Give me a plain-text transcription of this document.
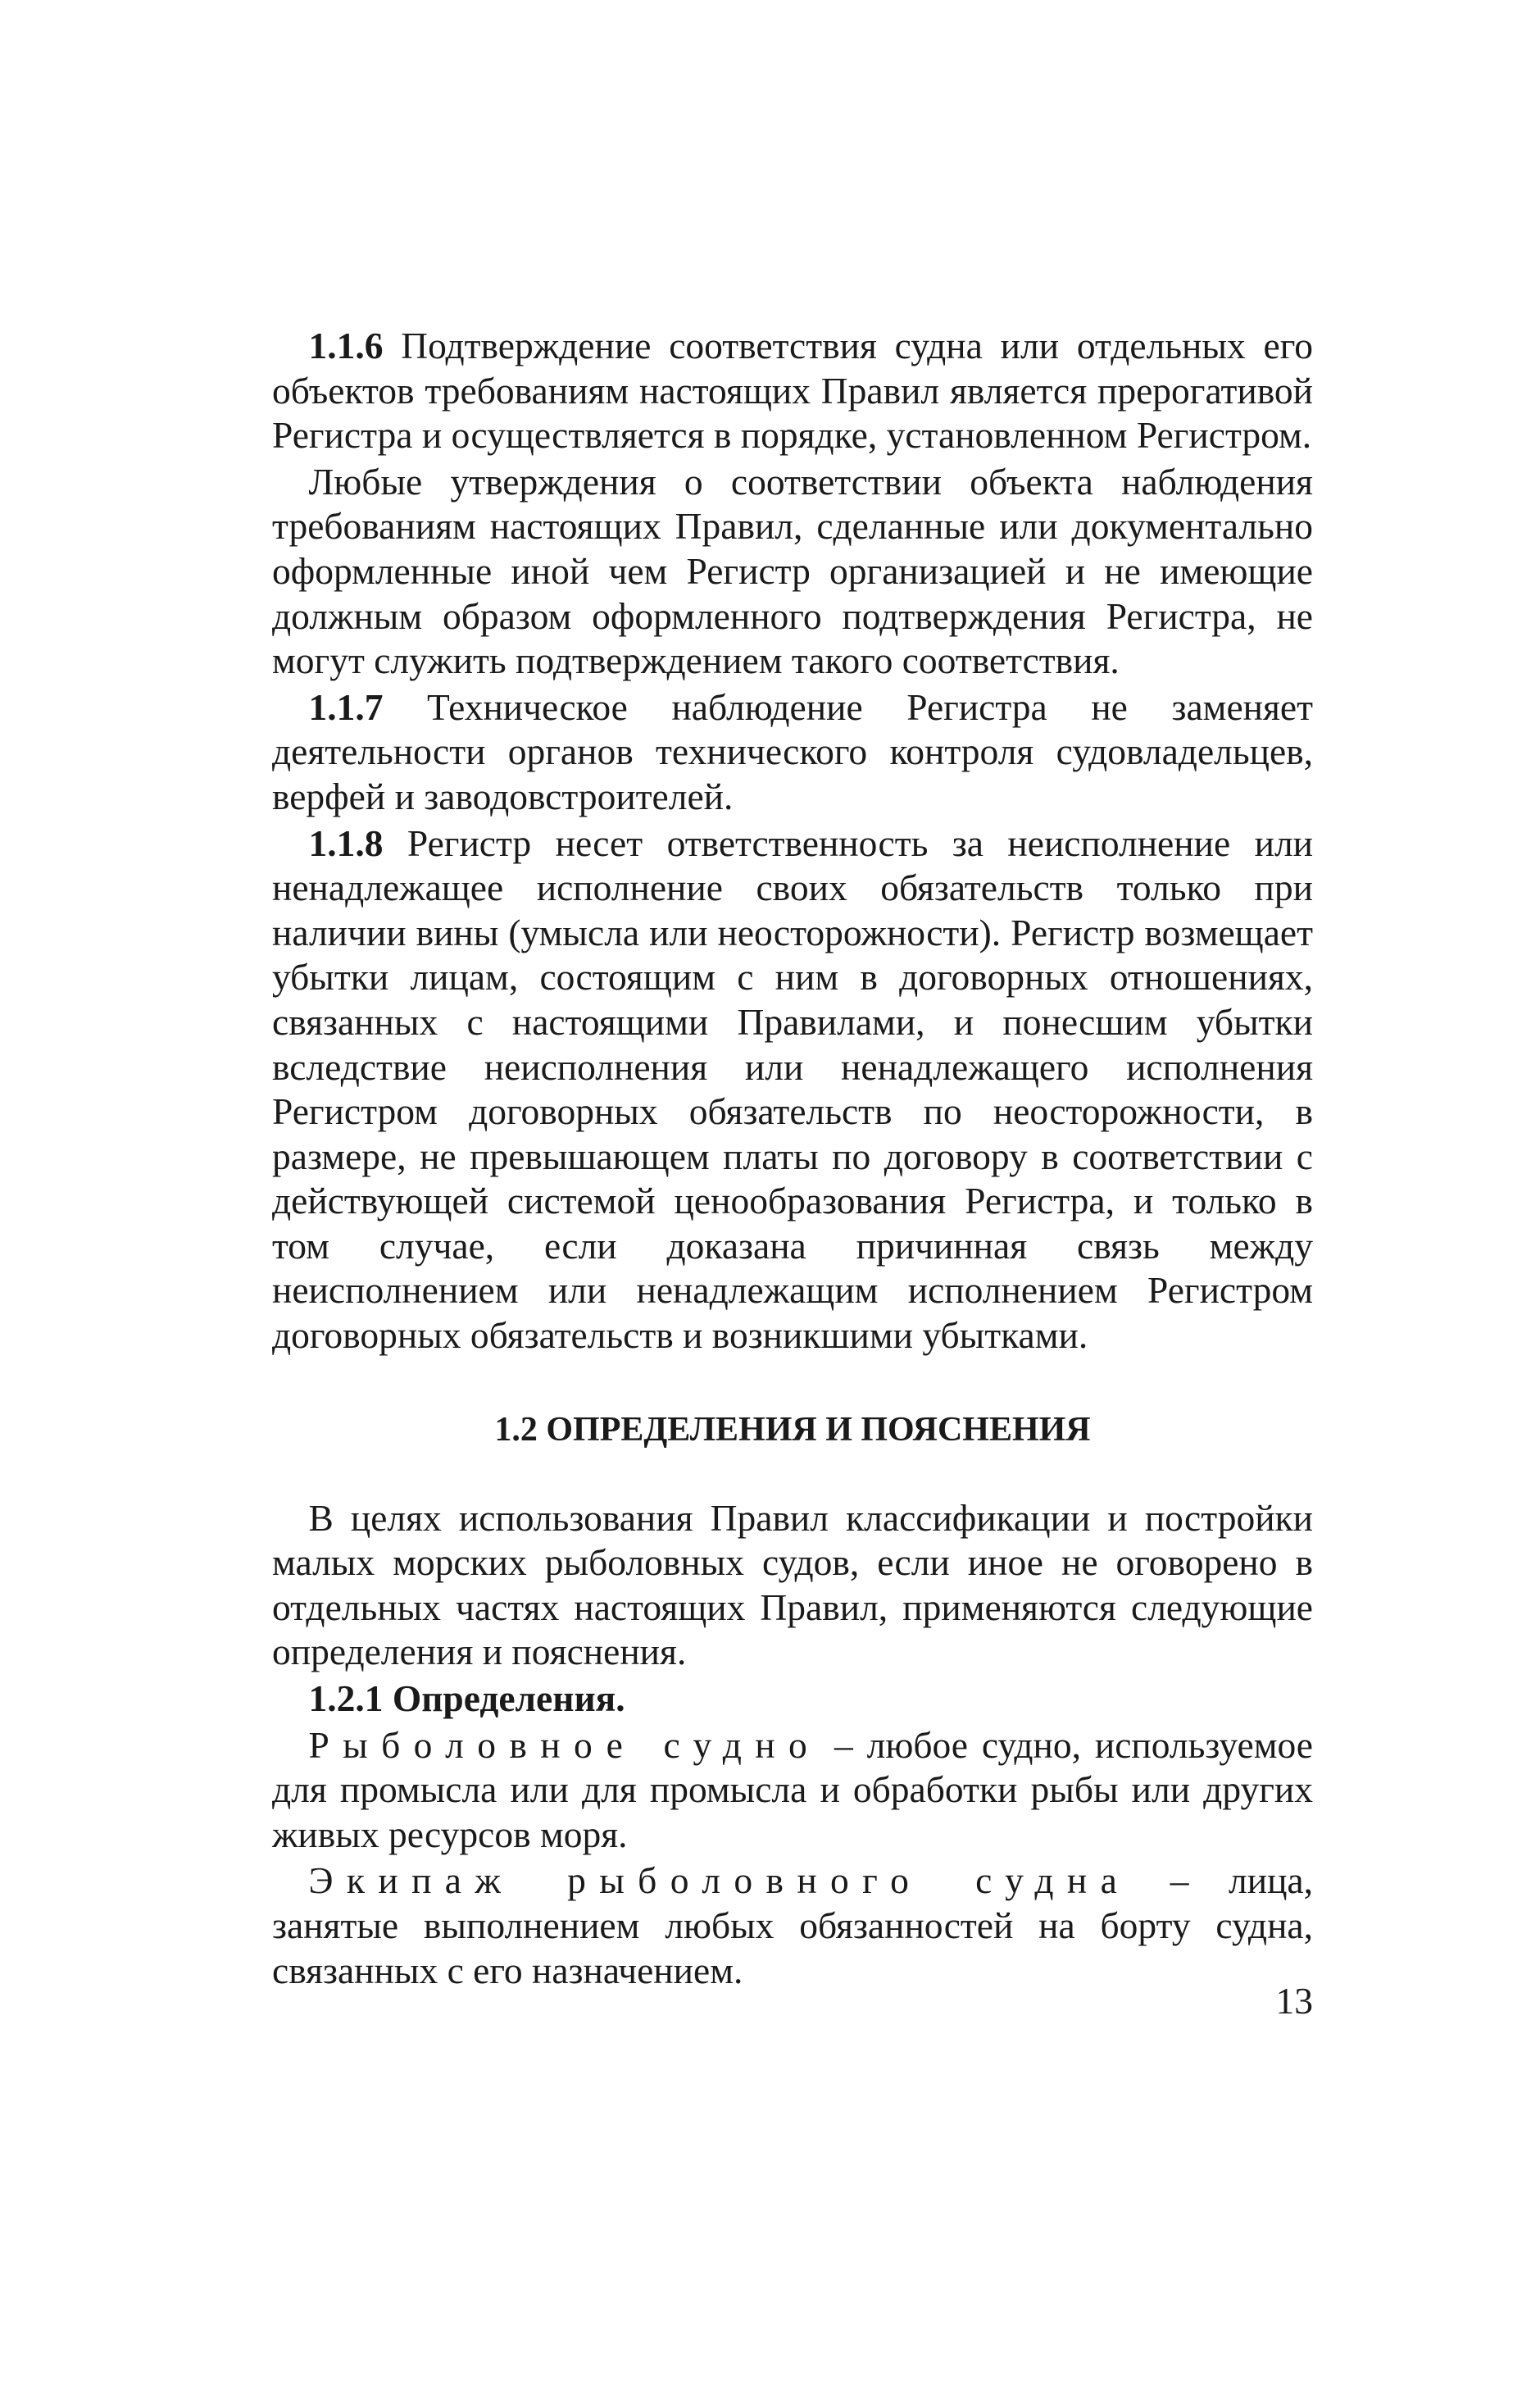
1.1.6 Подтверждение соответствия судна или отдельных его объектов требованиям настоящих Правил является прерогативой Регистра и осуществляется в порядке, установленном Регистром.

Любые утверждения о соответствии объекта наблюдения требованиям настоящих Правил, сделанные или документально оформленные иной чем Регистр организацией и не имеющие должным образом оформленного подтверждения Регистра, не могут служить подтверждением такого соответствия.

1.1.7 Техническое наблюдение Регистра не заменяет деятельности органов технического контроля судовладельцев, верфей и заводовстроителей.

1.1.8 Регистр несет ответственность за неисполнение или ненадлежащее исполнение своих обязательств только при наличии вины (умысла или неосторожности). Регистр возмещает убытки лицам, состоящим с ним в договорных отношениях, связанных с настоящими Правилами, и понесшим убытки вследствие неисполнения или ненадлежащего исполнения Регистром договорных обязательств по неосторожности, в размере, не превышающем платы по договору в соответствии с действующей системой ценообразования Регистра, и только в том случае, если доказана причинная связь между неисполнением или ненадлежащим исполнением Регистром договорных обязательств и возникшими убытками.

1.2 ОПРЕДЕЛЕНИЯ И ПОЯСНЕНИЯ

В целях использования Правил классификации и постройки малых морских рыболовных судов, если иное не оговорено в отдельных частях настоящих Правил, применяются следующие определения и пояснения.

1.2.1 Определения.

Рыболовное судно – любое судно, используемое для промысла или для промысла и обработки рыбы или других живых ресурсов моря.

Экипаж рыболовного судна – лица, занятые выполнением любых обязанностей на борту судна, связанных с его назначением.

13
